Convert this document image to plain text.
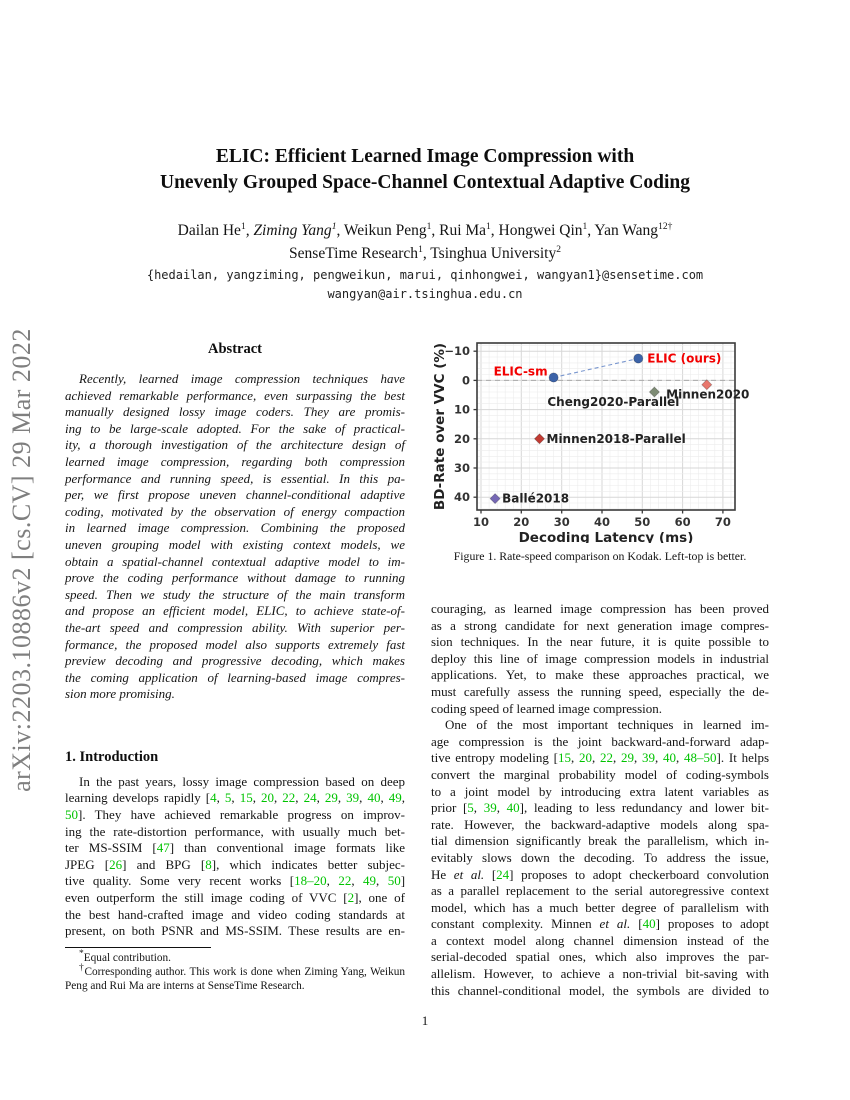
arXiv:2203.10886v2 [cs.CV] 29 Mar 2022
ELIC: Efficient Learned Image Compression with
Unevenly Grouped Space-Channel Contextual Adaptive Coding
Dailan He$^1$, Ziming Yang$^1$, Weikun Peng$^1$, Rui Ma$^1$, Hongwei Qin$^1$, Yan Wang$^{12\dagger}$
SenseTime Research$^1$, Tsinghua University$^2$
{hedailan, yangziming, pengweikun, marui, qinhongwei, wangyan1}@sensetime.com
wangyan@air.tsinghua.edu.cn
Abstract
Recently, learned image compression techniques have
achieved remarkable performance, even surpassing the best
manually designed lossy image coders. They are promis-
ing to be large-scale adopted. For the sake of practical-
ity, a thorough investigation of the architecture design of
learned image compression, regarding both compression
performance and running speed, is essential. In this pa-
per, we first propose uneven channel-conditional adaptive
coding, motivated by the observation of energy compaction
in learned image compression. Combining the proposed
uneven grouping model with existing context models, we
obtain a spatial-channel contextual adaptive model to im-
prove the coding performance without damage to running
speed. Then we study the structure of the main transform
and propose an efficient model, ELIC, to achieve state-of-
the-art speed and compression ability. With superior per-
formance, the proposed model also supports extremely fast
preview decoding and progressive decoding, which makes
the coming application of learning-based image compres-
sion more promising.
1. Introduction
In the past years, lossy image compression based on deep
learning develops rapidly [4, 5, 15, 20, 22, 24, 29, 39, 40, 49,
50]. They have achieved remarkable progress on improv-
ing the rate-distortion performance, with usually much bet-
ter MS-SSIM [47] than conventional image formats like
JPEG [26] and BPG [8], which indicates better subjec-
tive quality. Some very recent works [18–20, 22, 49, 50]
even outperform the still image coding of VVC [2], one of
the best hand-crafted image and video coding standards at
present, on both PSNR and MS-SSIM. These results are en-
*Equal contribution.
†Corresponding author. This work is done when Ziming Yang, Weikun
Peng and Rui Ma are interns at SenseTime Research.
10 20 30 40 50 60 70
−10
0
10
20
30
40
Decoding Latency (ms)
BD-Rate over VVC (%)	ELIC (ours)
ELIC-sm
Cheng2020-Parallel
Minnen2020
Minnen2018-Parallel
Ballé2018
Figure 1. Rate-speed comparison on Kodak. Left-top is better.
couraging, as learned image compression has been proved
as a strong candidate for next generation image compres-
sion techniques. In the near future, it is quite possible to
deploy this line of image compression models in industrial
applications. Yet, to make these approaches practical, we
must carefully assess the running speed, especially the de-
coding speed of learned image compression.
One of the most important techniques in learned im-
age compression is the joint backward-and-forward adap-
tive entropy modeling [15, 20, 22, 29, 39, 40, 48–50]. It helps
convert the marginal probability model of coding-symbols
to a joint model by introducing extra latent variables as
prior [5, 39, 40], leading to less redundancy and lower bit-
rate. However, the backward-adaptive models along spa-
tial dimension significantly break the parallelism, which in-
evitably slows down the decoding. To address the issue,
He et al. [24] proposes to adopt checkerboard convolution
as a parallel replacement to the serial autoregressive context
model, which has a much better degree of parallelism with
constant complexity. Minnen et al. [40] proposes to adopt
a context model along channel dimension instead of the
serial-decoded spatial ones, which also improves the par-
allelism. However, to achieve a non-trivial bit-saving with
this channel-conditional model, the symbols are divided to
1
